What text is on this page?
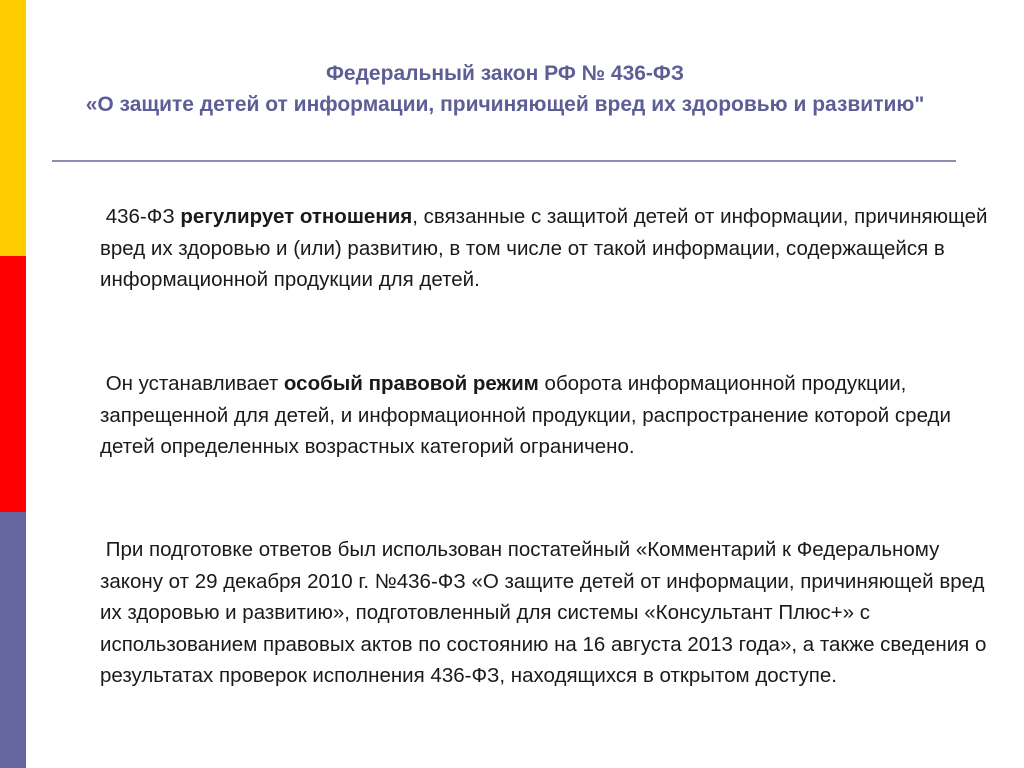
Федеральный закон РФ № 436-ФЗ
«О защите детей от информации, причиняющей вред их здоровью и развитию"
436-ФЗ регулирует отношения, связанные с защитой детей от информации, причиняющей вред их здоровью и (или) развитию, в том числе от такой информации, содержащейся в информационной продукции для детей.
Он устанавливает особый правовой режим оборота информационной продукции, запрещенной для детей, и информационной продукции, распространение которой среди детей определенных возрастных категорий ограничено.
При подготовке ответов был использован постатейный «Комментарий к Федеральному закону от 29 декабря 2010 г. №436-ФЗ «О защите детей от информации, причиняющей вред их здоровью и развитию», подготовленный для системы «Консультант Плюс+» с использованием правовых актов по состоянию на 16 августа 2013 года», а также сведения о результатах проверок исполнения 436-ФЗ, находящихся в открытом доступе.
